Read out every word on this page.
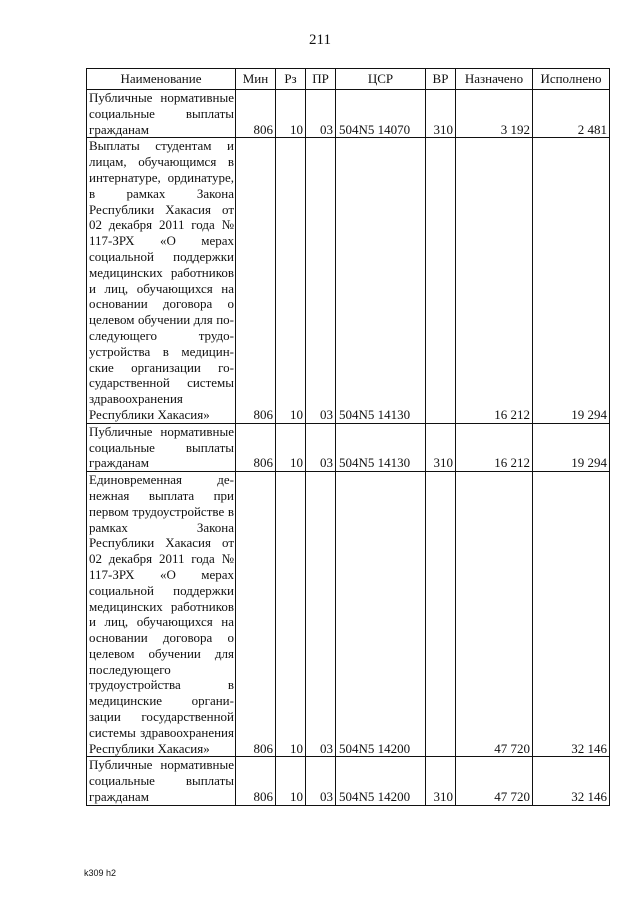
211
Наименование	Мин	Рз	ПР	ЦСР	ВР	Назначено	Исполнено
Публичные нормативные социальные выплаты гражданам	806	10	03	504N5 14070	310	3 192	2 481
Выплаты студентам и лицам, обучающимся в интернатуре, ординатуре, в рамках Закона Республики Хакасия от 02 декабря 2011 года № 117-ЗРХ «О мерах социальной поддержки медицинских работников и лиц, обучающихся на основании договора о целевом обучении для последующего трудоустройства в медицинские организации государственной системы здравоохранения Республики Хакасия»	806	10	03	504N5 14130		16 212	19 294
Публичные нормативные социальные выплаты гражданам	806	10	03	504N5 14130	310	16 212	19 294
Единовременная денежная выплата при первом трудоустройстве в рамках Закона Республики Хакасия от 02 декабря 2011 года № 117-ЗРХ «О мерах социальной поддержки медицинских работников и лиц, обучающихся на основании договора о целевом обучении для последующего трудоустройства в медицинские организации государственной системы здравоохранения Республики Хакасия»	806	10	03	504N5 14200		47 720	32 146
Публичные нормативные социальные выплаты гражданам	806	10	03	504N5 14200	310	47 720	32 146
k309 h2
